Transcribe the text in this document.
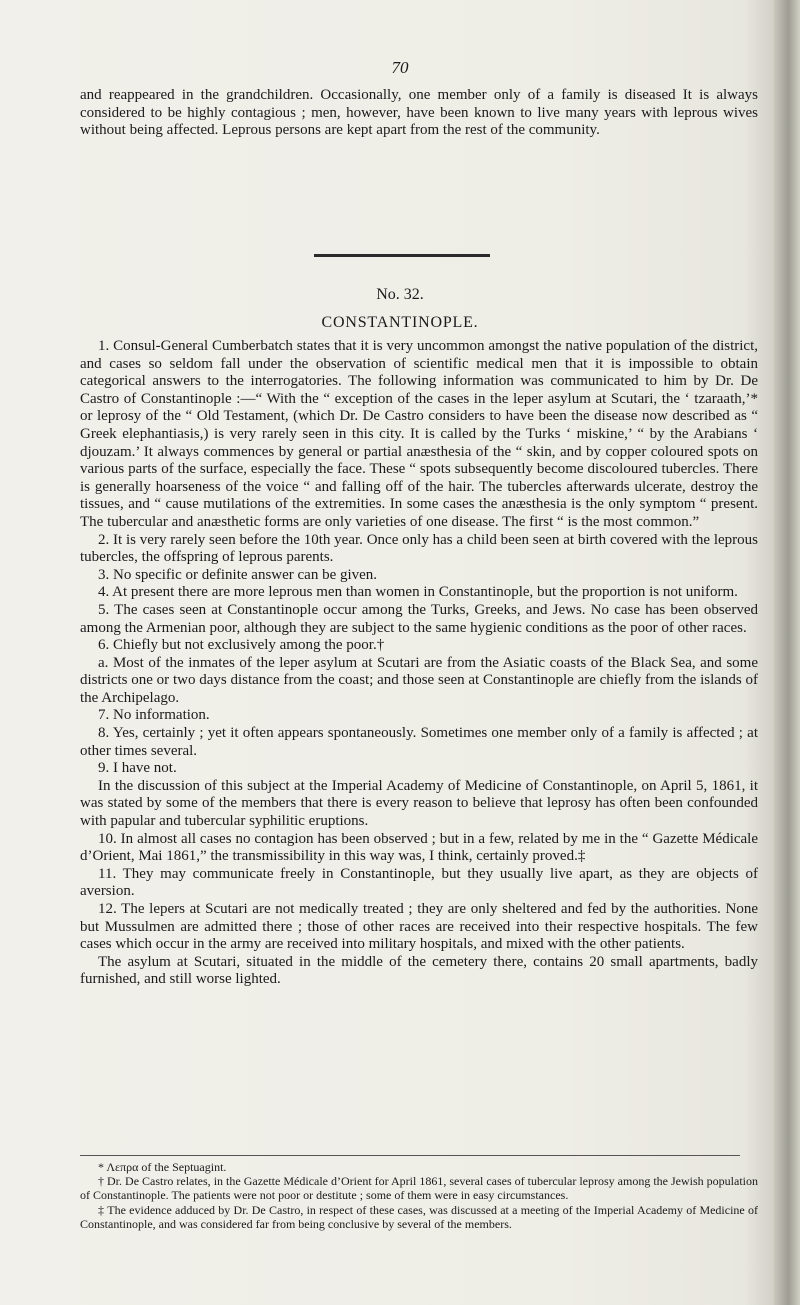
70

and reappeared in the grandchildren. Occasionally, one member only of a family is diseased It is always considered to be highly contagious ; men, however, have been known to live many years with leprous wives without being affected. Leprous persons are kept apart from the rest of the community.

No. 32.
CONSTANTINOPLE.

1. Consul-General Cumberbatch states that it is very uncommon amongst the native population of the district, and cases so seldom fall under the observation of scientific medical men that it is impossible to obtain categorical answers to the interrogatories. The following information was communicated to him by Dr. De Castro of Constantinople :—“ With the “ exception of the cases in the leper asylum at Scutari, the ‘ tzaraath,’* or leprosy of the “ Old Testament, (which Dr. De Castro considers to have been the disease now described as “ Greek elephantiasis,) is very rarely seen in this city. It is called by the Turks ‘ miskine,’ “ by the Arabians ‘ djouzam.’ It always commences by general or partial anæsthesia of the “ skin, and by copper coloured spots on various parts of the surface, especially the face. These “ spots subsequently become discoloured tubercles. There is generally hoarseness of the voice “ and falling off of the hair. The tubercles afterwards ulcerate, destroy the tissues, and “ cause mutilations of the extremities. In some cases the anæsthesia is the only symptom “ present. The tubercular and anæsthetic forms are only varieties of one disease. The first “ is the most common.”

2. It is very rarely seen before the 10th year. Once only has a child been seen at birth covered with the leprous tubercles, the offspring of leprous parents.

3. No specific or definite answer can be given.

4. At present there are more leprous men than women in Constantinople, but the proportion is not uniform.

5. The cases seen at Constantinople occur among the Turks, Greeks, and Jews. No case has been observed among the Armenian poor, although they are subject to the same hygienic conditions as the poor of other races.

6. Chiefly but not exclusively among the poor.†

a. Most of the inmates of the leper asylum at Scutari are from the Asiatic coasts of the Black Sea, and some districts one or two days distance from the coast; and those seen at Constantinople are chiefly from the islands of the Archipelago.

7. No information.

8. Yes, certainly ; yet it often appears spontaneously. Sometimes one member only of a family is affected ; at other times several.

9. I have not.

In the discussion of this subject at the Imperial Academy of Medicine of Constantinople, on April 5, 1861, it was stated by some of the members that there is every reason to believe that leprosy has often been confounded with papular and tubercular syphilitic eruptions.

10. In almost all cases no contagion has been observed ; but in a few, related by me in the “ Gazette Médicale d’Orient, Mai 1861,” the transmissibility in this way was, I think, certainly proved.‡

11. They may communicate freely in Constantinople, but they usually live apart, as they are objects of aversion.

12. The lepers at Scutari are not medically treated ; they are only sheltered and fed by the authorities. None but Mussulmen are admitted there ; those of other races are received into their respective hospitals. The few cases which occur in the army are received into military hospitals, and mixed with the other patients.

The asylum at Scutari, situated in the middle of the cemetery there, contains 20 small apartments, badly furnished, and still worse lighted.

* Λεπρα of the Septuagint.

† Dr. De Castro relates, in the Gazette Médicale d’Orient for April 1861, several cases of tubercular leprosy among the Jewish population of Constantinople. The patients were not poor or destitute ; some of them were in easy circumstances.

‡ The evidence adduced by Dr. De Castro, in respect of these cases, was discussed at a meeting of the Imperial Academy of Medicine of Constantinople, and was considered far from being conclusive by several of the members.
